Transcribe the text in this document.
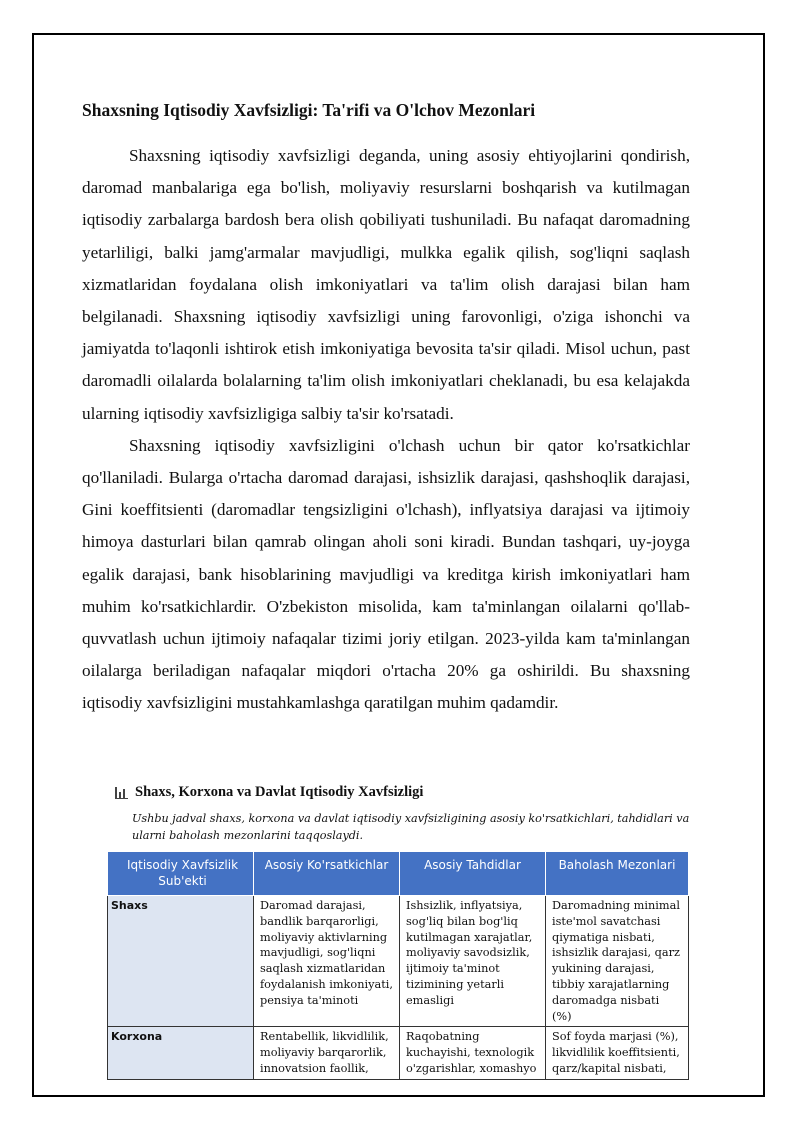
Shaxsning Iqtisodiy Xavfsizligi: Ta'rifi va O'lchov Mezonlari

Shaxsning iqtisodiy xavfsizligi deganda, uning asosiy ehtiyojlarini qondirish, daromad manbalariga ega bo'lish, moliyaviy resurslarni boshqarish va kutilmagan iqtisodiy zarbalarga bardosh bera olish qobiliyati tushuniladi. Bu nafaqat daromadning yetarliligi, balki jamg'armalar mavjudligi, mulkka egalik qilish, sog'liqni saqlash xizmatlaridan foydalana olish imkoniyatlari va ta'lim olish darajasi bilan ham belgilanadi. Shaxsning iqtisodiy xavfsizligi uning farovonligi, o'ziga ishonchi va jamiyatda to'laqonli ishtirok etish imkoniyatiga bevosita ta'sir qiladi. Misol uchun, past daromadli oilalarda bolalarning ta'lim olish imkoniyatlari cheklanadi, bu esa kelajakda ularning iqtisodiy xavfsizligiga salbiy ta'sir ko'rsatadi.

Shaxsning iqtisodiy xavfsizligini o'lchash uchun bir qator ko'rsatkichlar qo'llaniladi. Bularga o'rtacha daromad darajasi, ishsizlik darajasi, qashshoqlik darajasi, Gini koeffitsienti (daromadlar tengsizligini o'lchash), inflyatsiya darajasi va ijtimoiy himoya dasturlari bilan qamrab olingan aholi soni kiradi. Bundan tashqari, uy-joyga egalik darajasi, bank hisoblarining mavjudligi va kreditga kirish imkoniyatlari ham muhim ko'rsatkichlardir. O'zbekiston misolida, kam ta'minlangan oilalarni qo'llab-quvvatlash uchun ijtimoiy nafaqalar tizimi joriy etilgan. 2023-yilda kam ta'minlangan oilalarga beriladigan nafaqalar miqdori o'rtacha 20% ga oshirildi. Bu shaxsning iqtisodiy xavfsizligini mustahkamlashga qaratilgan muhim qadamdir.

Shaxs, Korxona va Davlat Iqtisodiy Xavfsizligi
Ushbu jadval shaxs, korxona va davlat iqtisodiy xavfsizligining asosiy ko'rsatkichlari, tahdidlari va ularni baholash mezonlarini taqqoslaydi.
Iqtisodiy Xavfsizlik Sub'ekti	Asosiy Ko'rsatkichlar	Asosiy Tahdidlar	Baholash Mezonlari
Shaxs	Daromad darajasi, bandlik barqarorligi, moliyaviy aktivlarning mavjudligi, sog'liqni saqlash xizmatlaridan foydalanish imkoniyati, pensiya ta'minoti	Ishsizlik, inflyatsiya, sog'liq bilan bog'liq kutilmagan xarajatlar, moliyaviy savodsizlik, ijtimoiy ta'minot tizimining yetarli emasligi	Daromadning minimal iste'mol savatchasi qiymatiga nisbati, ishsizlik darajasi, qarz yukining darajasi, tibbiy xarajatlarning daromadga nisbati (%)
Korxona	Rentabellik, likvidlilik, moliyaviy barqarorlik, innovatsion faollik,	Raqobatning kuchayishi, texnologik o'zgarishlar, xomashyo	Sof foyda marjasi (%), likvidlilik koeffitsienti, qarz/kapital nisbati,
